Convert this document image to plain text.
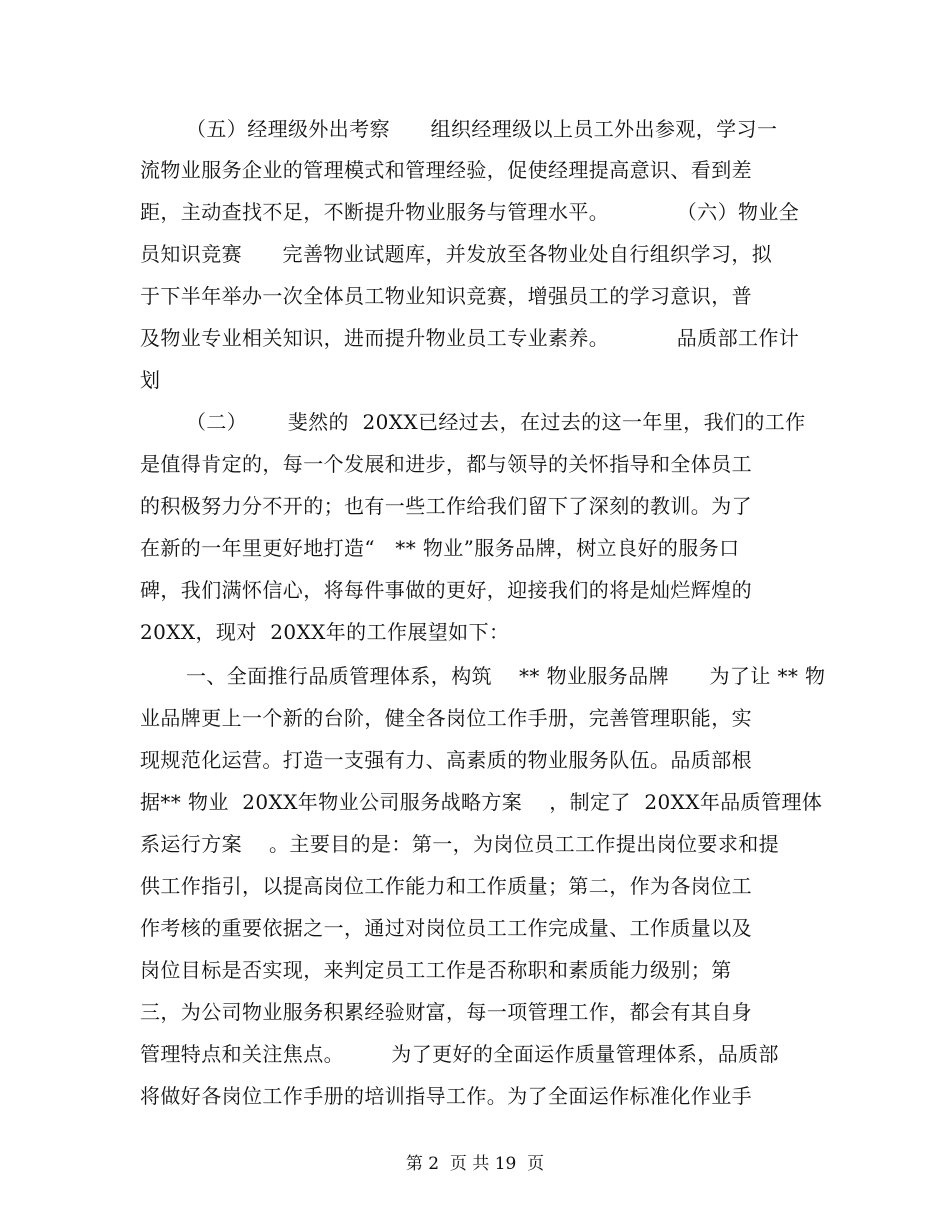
（五）经理级外出考察      组织经理级以上员工外出参观，学习一

流物业服务企业的管理模式和管理经验，促使经理提高意识、看到差

距，主动查找不足，不断提升物业服务与管理水平。          （六）物业全

员知识竞赛      完善物业试题库，并发放至各物业处自行组织学习，拟

于下半年举办一次全体员工物业知识竞赛，增强员工的学习意识，普

及物业专业相关知识，进而提升物业员工专业素养。          品质部工作计

划

（二）      斐然的  20XX已经过去，在过去的这一年里，我们的工作

是值得肯定的，每一个发展和进步，都与领导的关怀指导和全体员工

的积极努力分不开的；也有一些工作给我们留下了深刻的教训。为了

在新的一年里更好地打造“   ** 物业”服务品牌，树立良好的服务口

碑，我们满怀信心，将每件事做的更好，迎接我们的将是灿烂辉煌的

20XX，现对  20XX年的工作展望如下：

一、全面推行品质管理体系，构筑    ** 物业服务品牌      为了让 ** 物

业品牌更上一个新的台阶，健全各岗位工作手册，完善管理职能，实

现规范化运营。打造一支强有力、高素质的物业服务队伍。品质部根

据** 物业  20XX年物业公司服务战略方案    ，制定了  20XX年品质管理体

系运行方案    。主要目的是：第一，为岗位员工工作提出岗位要求和提

供工作指引，以提高岗位工作能力和工作质量；第二，作为各岗位工

作考核的重要依据之一，通过对岗位员工工作完成量、工作质量以及

岗位目标是否实现，来判定员工工作是否称职和素质能力级别；第

三，为公司物业服务积累经验财富，每一项管理工作，都会有其自身

管理特点和关注焦点。       为了更好的全面运作质量管理体系，品质部

将做好各岗位工作手册的培训指导工作。为了全面运作标准化作业手

第 2  页 共 19  页
